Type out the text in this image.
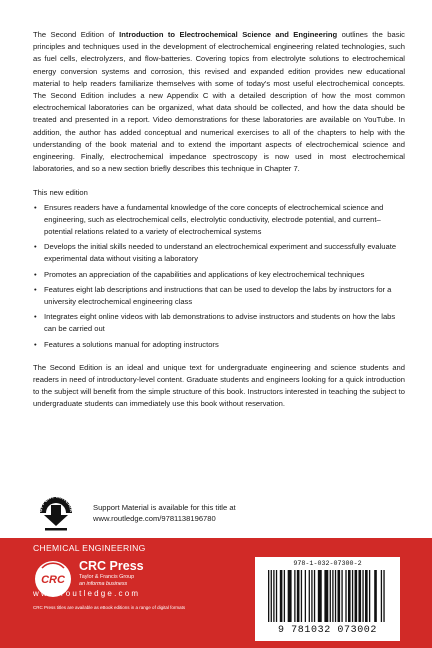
The Second Edition of Introduction to Electrochemical Science and Engineering outlines the basic principles and techniques used in the development of electrochemical engineering related technologies, such as fuel cells, electrolyzers, and flow-batteries. Covering topics from electrolyte solutions to electrochemical energy conversion systems and corrosion, this revised and expanded edition provides new educational material to help readers familiarize themselves with some of today's most useful electrochemical concepts. The Second Edition includes a new Appendix C with a detailed description of how the most common electrochemical laboratories can be organized, what data should be collected, and how the data should be treated and presented in a report. Video demonstrations for these laboratories are available on YouTube. In addition, the author has added conceptual and numerical exercises to all of the chapters to help with the understanding of the book material and to extend the important aspects of electrochemical science and engineering. Finally, electrochemical impedance spectroscopy is now used in most electrochemical laboratories, and so a new section briefly describes this technique in Chapter 7.

This new edition

• Ensures readers have a fundamental knowledge of the core concepts of electrochemical science and engineering, such as electrochemical cells, electrolytic conductivity, electrode potential, and current–potential relations related to a variety of electrochemical systems
• Develops the initial skills needed to understand an electrochemical experiment and successfully evaluate experimental data without visiting a laboratory
• Promotes an appreciation of the capabilities and applications of key electrochemical techniques
• Features eight lab descriptions and instructions that can be used to develop the labs by instructors for a university electrochemical engineering class
• Integrates eight online videos with lab demonstrations to advise instructors and students on how the labs can be carried out
• Features a solutions manual for adopting instructors

The Second Edition is an ideal and unique text for undergraduate engineering and science students and readers in need of introductory-level content. Graduate students and engineers looking for a quick introduction to the subject will benefit from the simple structure of this book. Instructors interested in teaching the subject to undergraduate students can immediately use this book without reservation.

UPPORT MATERIA Support Material is available for this title at
www.routledge.com/9781138196780
CHEMICAL ENGINEERING
CRC
CRC Press
Taylor & Francis Group
an informa business
www.routledge.com
CRC Press titles are available as eBook editions in a range of digital formats
978-1-032-07300-2
9 781032 073002
